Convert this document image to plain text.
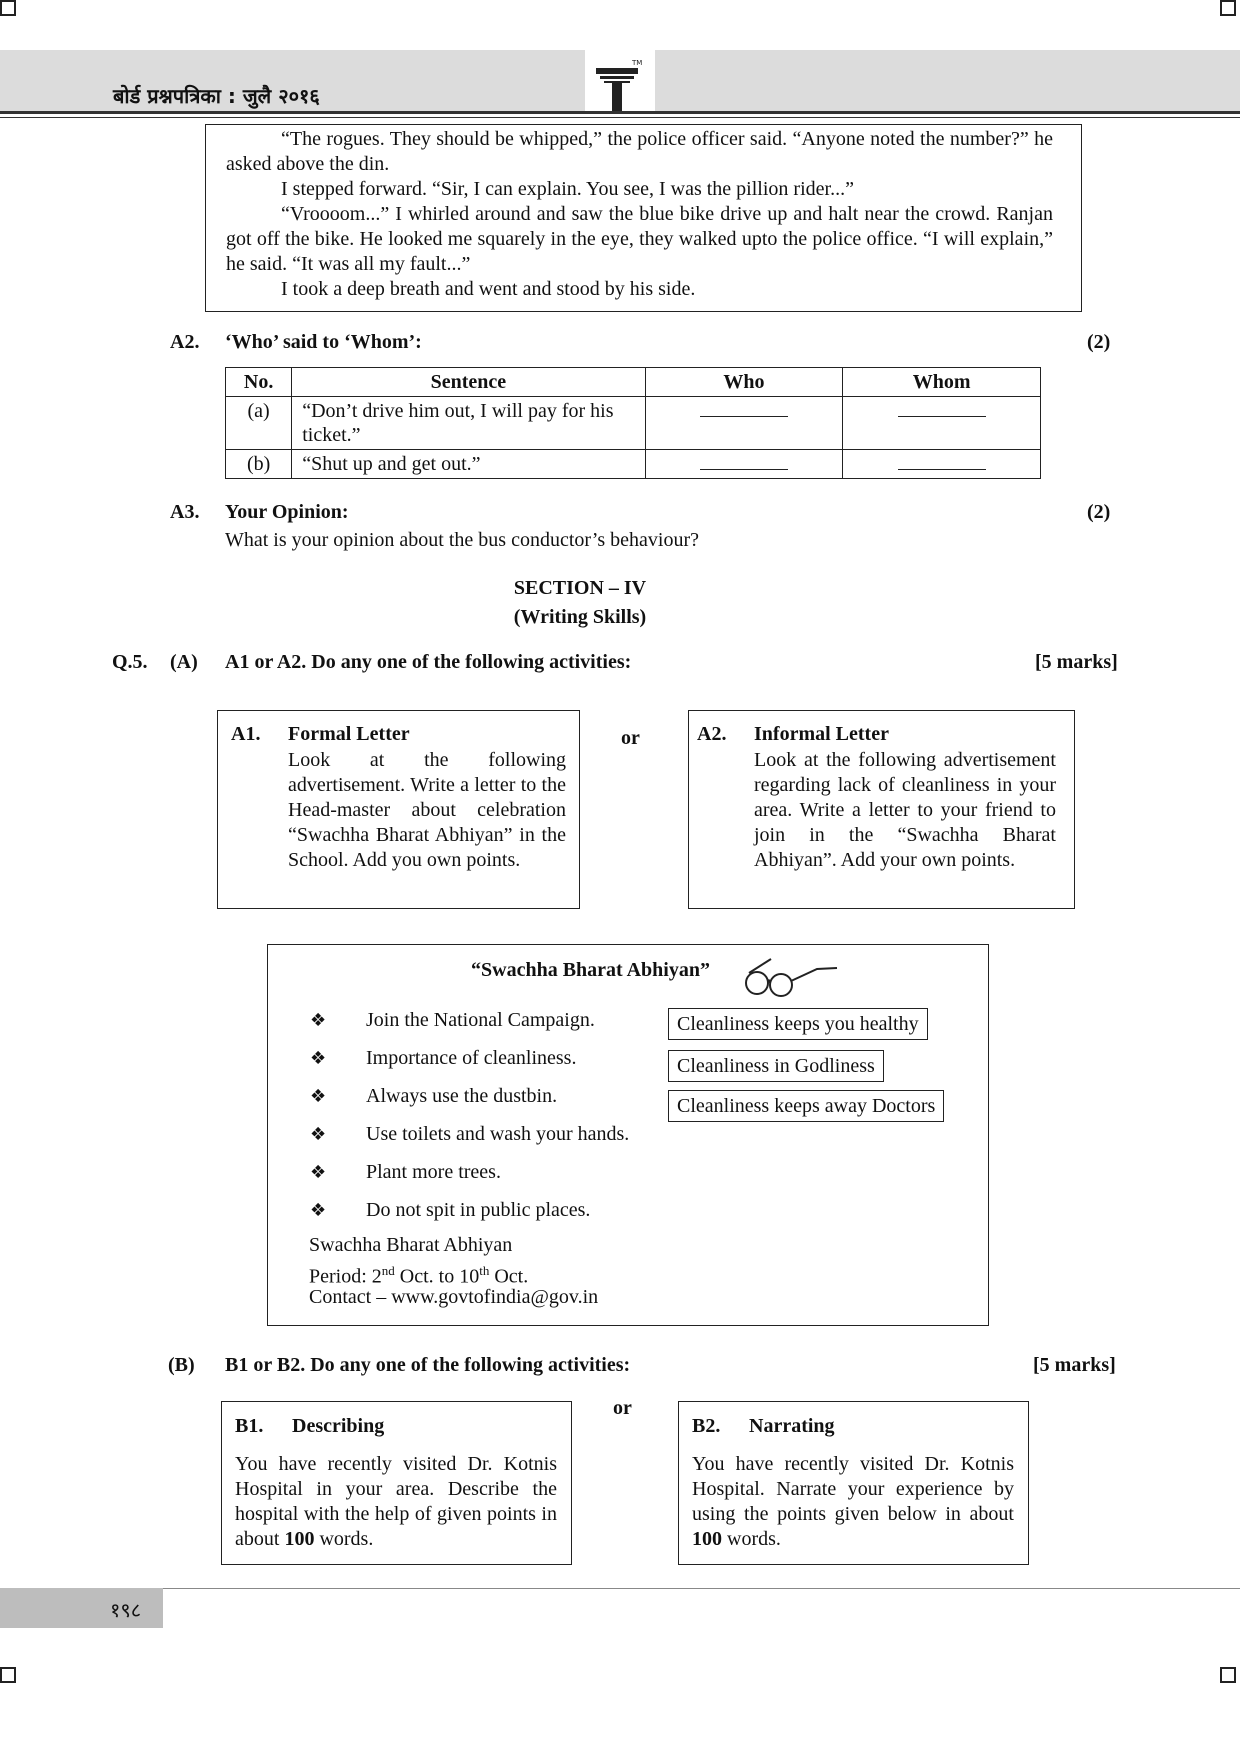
बोर्ड प्रश्नपत्रिका : जुलै २०१६
TM

“The rogues. They should be whipped,” the police officer said. “Anyone noted the number?” he asked above the din.

I stepped forward. “Sir, I can explain. You see, I was the pillion rider...”

“Vroooom...” I whirled around and saw the blue bike drive up and halt near the crowd. Ranjan got off the bike. He looked me squarely in the eye, they walked upto the police office. “I will explain,” he said. “It was all my fault...”

I took a deep breath and went and stood by his side.

A2. ‘Who’ said to ‘Whom’:	(2)
No.	Sentence	Who	Whom
(a)	“Don’t drive him out, I will pay for his ticket.”		
(b)	“Shut up and get out.”		
A3. Your Opinion:	(2)
What is your opinion about the bus conductor’s behaviour?
SECTION – IV
(Writing Skills)
Q.5. (A) A1 or A2. Do any one of the following activities:	[5 marks]
A1. Formal Letter
Look at the following advertisement. Write a letter to the Head-master about celebration “Swachha Bharat Abhiyan” in the School. Add you own points.
or	A2. Informal Letter
Look at the following advertisement regarding lack of cleanliness in your area. Write a letter to your friend to join in the “Swachha Bharat Abhiyan”. Add your own points.
“Swachha Bharat Abhiyan”
❖ Join the National Campaign.
❖ Importance of cleanliness.
❖ Always use the dustbin.
❖ Use toilets and wash your hands.
❖ Plant more trees.
❖ Do not spit in public places.
Cleanliness keeps you healthy
Cleanliness in Godliness
Cleanliness keeps away Doctors
Swachha Bharat Abhiyan
Period: 2nd Oct. to 10th Oct.
Contact – www.govtofindia@gov.in
(B) B1 or B2. Do any one of the following activities:	[5 marks]
B1. Describing
You have recently visited Dr. Kotnis Hospital in your area. Describe the hospital with the help of given points in about 100 words.
or
B2. Narrating
You have recently visited Dr. Kotnis Hospital. Narrate your experience by using the points given below in about 100 words.
१९८
